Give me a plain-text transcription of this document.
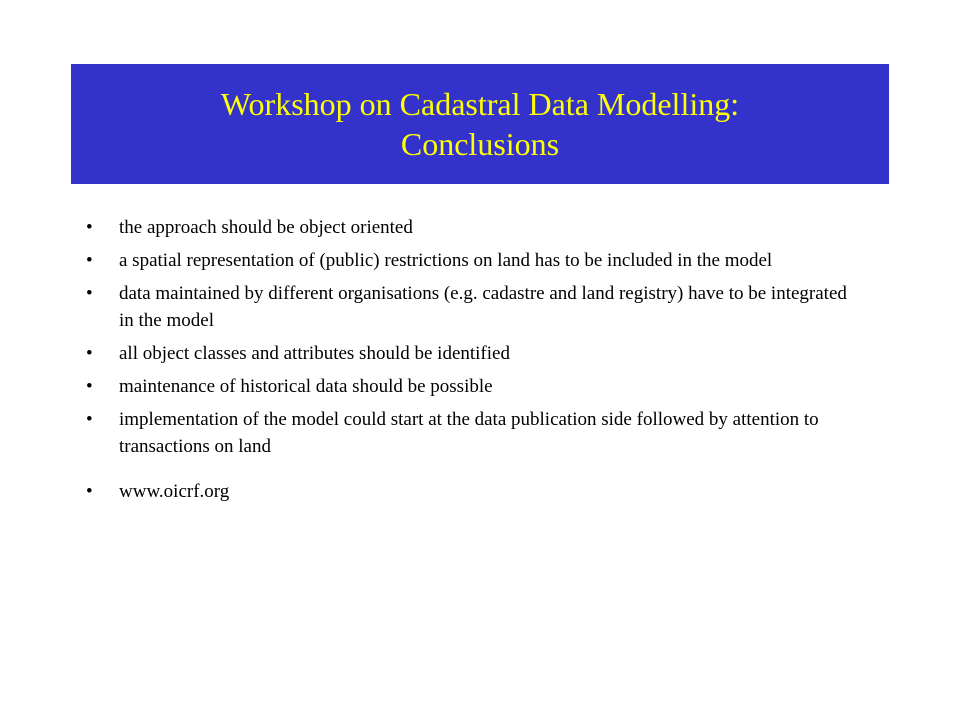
Workshop on Cadastral Data Modelling:
Conclusions
• the approach should be object oriented
• a spatial representation of (public) restrictions on land has to be included in the model
• data maintained by different organisations (e.g. cadastre and land registry) have to be integrated in the model
• all object classes and attributes should be identified
• maintenance of historical data should be possible
• implementation of the model could start at the data publication side followed by attention to transactions on land
• www.oicrf.org
